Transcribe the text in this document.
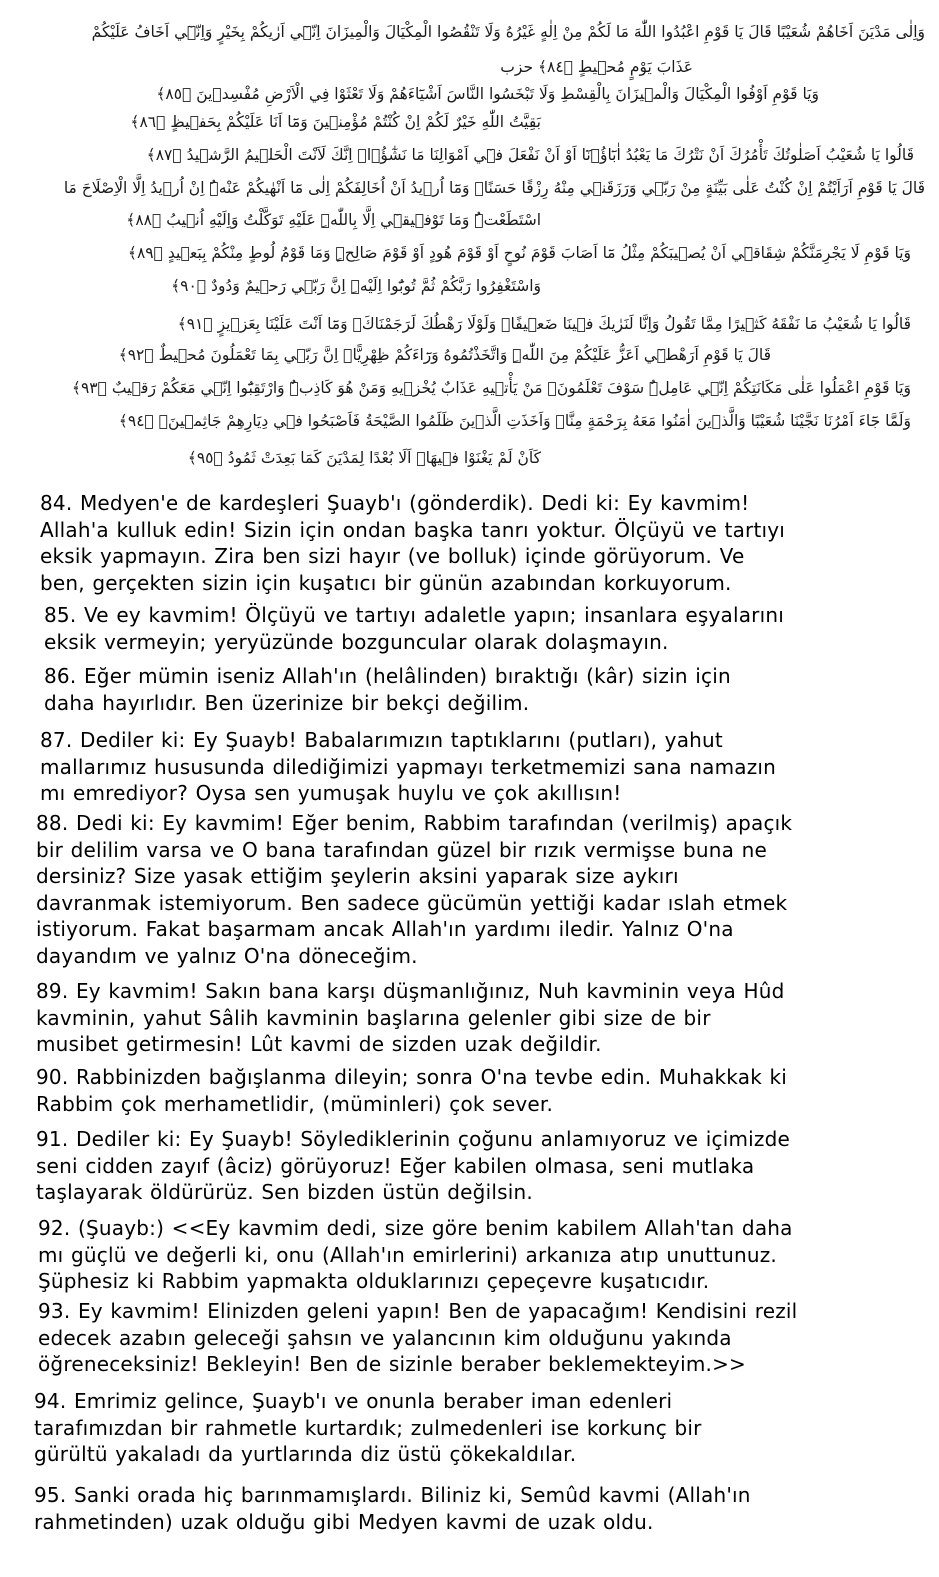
وَاِلٰى مَدْيَنَ اَخَاهُمْ شُعَيْبًا قَالَ يَا قَوْمِ اعْبُدُوا اللّٰهَ مَا لَكُمْ مِنْ اِلٰهٍ غَيْرُهُ وَلَا تَنْقُصُوا الْمِكْيَالَ وَالْمِيزَانَ اِنّ۪ٓي اَرٰيكُمْ بِخَيْرٍ وَاِنّ۪ٓي اَخَافُ عَلَيْكُمْ
عَذَابَ يَوْمٍ مُح۪يطٍ ﴿٨٤﴾ حزب
وَيَا قَوْمِ اَوْفُوا الْمِكْيَالَ وَالْم۪يزَانَ بِالْقِسْطِ وَلَا تَبْخَسُوا النَّاسَ اَشْيَٓاءَهُمْ وَلَا تَعْثَوْا فِي الْاَرْضِ مُفْسِد۪ينَ ﴿٨٥﴾
بَقِيَّتُ اللّٰهِ خَيْرٌ لَكُمْ اِنْ كُنْتُمْ مُؤْمِن۪ينَ وَمَٓا اَنَا عَلَيْكُمْ بِحَف۪يظٍ ﴿٨٦﴾
قَالُوا يَا شُعَيْبُ اَصَلٰوتُكَ تَأْمُرُكَ اَنْ نَتْرُكَ مَا يَعْبُدُ اٰبَٓاؤُ۬نَٓا اَوْ اَنْ نَفْعَلَ ف۪ٓي اَمْوَالِنَا مَا نَشٰٓؤُ۬اۜ اِنَّكَ لَاَنْتَ الْحَل۪يمُ الرَّش۪يدُ ﴿٨٧﴾
قَالَ يَا قَوْمِ اَرَاَيْتُمْ اِنْ كُنْتُ عَلٰى بَيِّنَةٍ مِنْ رَبّ۪ي وَرَزَقَن۪ي مِنْهُ رِزْقًا حَسَنًاۜ وَمَٓا اُر۪يدُ اَنْ اُخَالِفَكُمْ اِلٰى مَٓا اَنْهٰيكُمْ عَنْهُۜ اِنْ اُر۪يدُ اِلَّا الْاِصْلَاحَ مَا
اسْتَطَعْتُۜ وَمَا تَوْف۪يق۪ٓي اِلَّا بِاللّٰهِۜ عَلَيْهِ تَوَكَّلْتُ وَاِلَيْهِ اُن۪يبُ ﴿٨٨﴾
وَيَا قَوْمِ لَا يَجْرِمَنَّكُمْ شِقَاق۪ٓي اَنْ يُص۪يبَكُمْ مِثْلُ مَٓا اَصَابَ قَوْمَ نُوحٍ اَوْ قَوْمَ هُودٍ اَوْ قَوْمَ صَالِحٍۜ وَمَا قَوْمُ لُوطٍ مِنْكُمْ بِبَع۪يدٍ ﴿٨٩﴾
وَاسْتَغْفِرُوا رَبَّكُمْ ثُمَّ تُوبُٓوا اِلَيْهِۜ اِنَّ رَبّ۪ي رَح۪يمٌ وَدُودٌ ﴿٩٠﴾
قَالُوا يَا شُعَيْبُ مَا نَفْقَهُ كَث۪يرًا مِمَّا تَقُولُ وَاِنَّا لَنَرٰيكَ ف۪ينَا ضَع۪يفًاۚ وَلَوْلَا رَهْطُكَ لَرَجَمْنَاكَۘ وَمَٓا اَنْتَ عَلَيْنَا بِعَز۪يزٍ ﴿٩١﴾
قَالَ يَا قَوْمِ اَرَهْط۪ٓي اَعَزُّ عَلَيْكُمْ مِنَ اللّٰهِۜ وَاتَّخَذْتُمُوهُ وَرَٓاءَكُمْ ظِهْرِيًّاۜ اِنَّ رَبّ۪ي بِمَا تَعْمَلُونَ مُح۪يطٌ ﴿٩٢﴾
وَيَا قَوْمِ اعْمَلُوا عَلٰى مَكَانَتِكُمْ اِنّ۪ي عَامِلٌۜ سَوْفَ تَعْلَمُونَۙ مَنْ يَأْت۪يهِ عَذَابٌ يُخْز۪يهِ وَمَنْ هُوَ كَاذِبٌۜ وَارْتَقِبُٓوا اِنّ۪ي مَعَكُمْ رَق۪يبٌ ﴿٩٣﴾
وَلَمَّا جَٓاءَ اَمْرُنَا نَجَّيْنَا شُعَيْبًا وَالَّذ۪ينَ اٰمَنُوا مَعَهُ بِرَحْمَةٍ مِنَّاۚ وَاَخَذَتِ الَّذ۪ينَ ظَلَمُوا الصَّيْحَةُ فَاَصْبَحُوا ف۪ي دِيَارِهِمْ جَاثِم۪ينَۙ ﴿٩٤﴾
كَاَنْ لَمْ يَغْنَوْا ف۪يهَاۜ اَلَا بُعْدًا لِمَدْيَنَ كَمَا بَعِدَتْ ثَمُودُ ﴿٩٥﴾

84. Medyen'e de kardeşleri Şuayb'ı (gönderdik). Dedi ki: Ey kavmim!
Allah'a kulluk edin! Sizin için ondan başka tanrı yoktur. Ölçüyü ve tartıyı
eksik yapmayın. Zira ben sizi hayır (ve bolluk) içinde görüyorum. Ve
ben, gerçekten sizin için kuşatıcı bir günün azabından korkuyorum.

85. Ve ey kavmim! Ölçüyü ve tartıyı adaletle yapın; insanlara eşyalarını
eksik vermeyin; yeryüzünde bozguncular olarak dolaşmayın.

86. Eğer mümin iseniz Allah'ın (helâlinden) bıraktığı (kâr) sizin için
daha hayırlıdır. Ben üzerinize bir bekçi değilim.

87. Dediler ki: Ey Şuayb! Babalarımızın taptıklarını (putları), yahut
mallarımız hususunda dilediğimizi yapmayı terketmemizi sana namazın
mı emrediyor? Oysa sen yumuşak huylu ve çok akıllısın!

88. Dedi ki: Ey kavmim! Eğer benim, Rabbim tarafından (verilmiş) apaçık
bir delilim varsa ve O bana tarafından güzel bir rızık vermişse buna ne
dersiniz? Size yasak ettiğim şeylerin aksini yaparak size aykırı
davranmak istemiyorum. Ben sadece gücümün yettiği kadar ıslah etmek
istiyorum. Fakat başarmam ancak Allah'ın yardımı iledir. Yalnız O'na
dayandım ve yalnız O'na döneceğim.

89. Ey kavmim! Sakın bana karşı düşmanlığınız, Nuh kavminin veya Hûd
kavminin, yahut Sâlih kavminin başlarına gelenler gibi size de bir
musibet getirmesin! Lût kavmi de sizden uzak değildir.

90. Rabbinizden bağışlanma dileyin; sonra O'na tevbe edin. Muhakkak ki
Rabbim çok merhametlidir, (müminleri) çok sever.

91. Dediler ki: Ey Şuayb! Söylediklerinin çoğunu anlamıyoruz ve içimizde
seni cidden zayıf (âciz) görüyoruz! Eğer kabilen olmasa, seni mutlaka
taşlayarak öldürürüz. Sen bizden üstün değilsin.

92. (Şuayb:) <<Ey kavmim dedi, size göre benim kabilem Allah'tan daha
mı güçlü ve değerli ki, onu (Allah'ın emirlerini) arkanıza atıp unuttunuz.
Şüphesiz ki Rabbim yapmakta olduklarınızı çepeçevre kuşatıcıdır.

93. Ey kavmim! Elinizden geleni yapın! Ben de yapacağım! Kendisini rezil
edecek azabın geleceği şahsın ve yalancının kim olduğunu yakında
öğreneceksiniz! Bekleyin! Ben de sizinle beraber beklemekteyim.>>

94. Emrimiz gelince, Şuayb'ı ve onunla beraber iman edenleri
tarafımızdan bir rahmetle kurtardık; zulmedenleri ise korkunç bir
gürültü yakaladı da yurtlarında diz üstü çökekaldılar.

95. Sanki orada hiç barınmamışlardı. Biliniz ki, Semûd kavmi (Allah'ın
rahmetinden) uzak olduğu gibi Medyen kavmi de uzak oldu.
